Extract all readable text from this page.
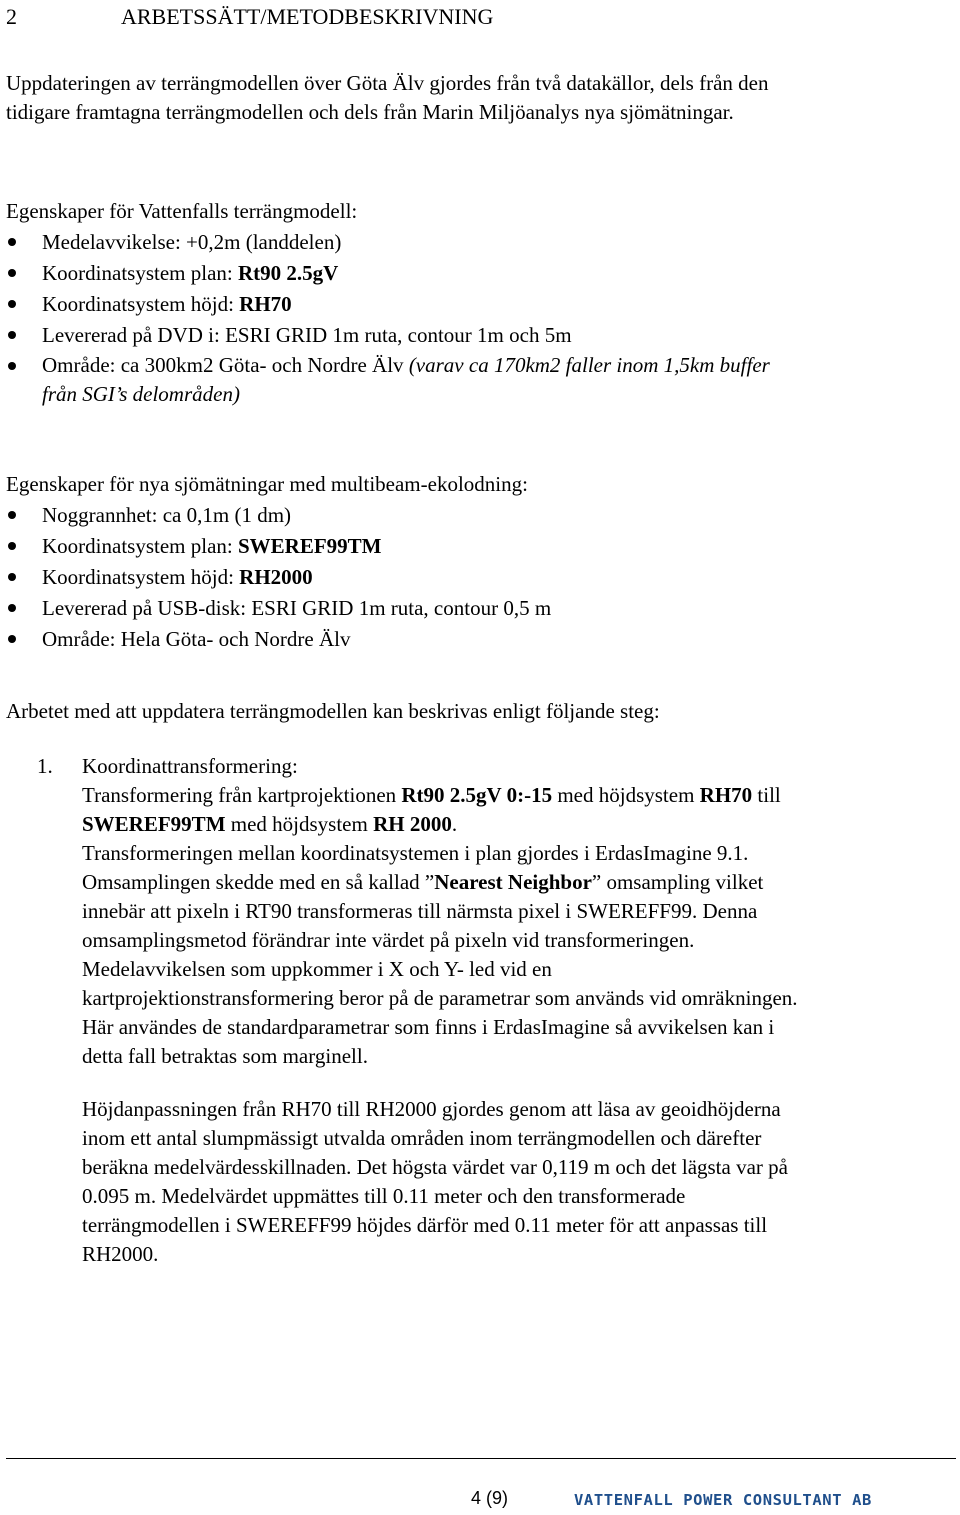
2	ARBETSSÄTT/METODBESKRIVNING
Uppdateringen av terrängmodellen över Göta Älv gjordes från två datakällor, dels från den
tidigare framtagna terrängmodellen och dels från Marin Miljöanalys nya sjömätningar.
Egenskaper för Vattenfalls terrängmodell:
Medelavvikelse: +0,2m (landdelen)
Koordinatsystem plan: Rt90 2.5gV
Koordinatsystem höjd: RH70
Levererad på DVD i: ESRI GRID 1m ruta, contour 1m och 5m
Område: ca 300km2 Göta- och Nordre Älv (varav ca 170km2 faller inom 1,5km buffer
från SGI’s delområden)
Egenskaper för nya sjömätningar med multibeam-ekolodning:
Noggrannhet: ca 0,1m (1 dm)
Koordinatsystem plan: SWEREF99TM
Koordinatsystem höjd: RH2000
Levererad på USB-disk: ESRI GRID 1m ruta, contour 0,5 m
Område: Hela Göta- och Nordre Älv
Arbetet med att uppdatera terrängmodellen kan beskrivas enligt följande steg:
1. Koordinattransformering:

Transformering från kartprojektionen Rt90 2.5gV 0:-15 med höjdsystem RH70 till

SWEREF99TM med höjdsystem RH 2000.

Transformeringen mellan koordinatsystemen i plan gjordes i ErdasImagine 9.1.

Omsamplingen skedde med en så kallad ”Nearest Neighbor” omsampling vilket

innebär att pixeln i RT90 transformeras till närmsta pixel i SWEREFF99. Denna

omsamplingsmetod förändrar inte värdet på pixeln vid transformeringen.

Medelavvikelsen som uppkommer i X och Y- led vid en

kartprojektionstransformering beror på de parametrar som används vid omräkningen.

Här användes de standardparametrar som finns i ErdasImagine så avvikelsen kan i

detta fall betraktas som marginell.

Höjdanpassningen från RH70 till RH2000 gjordes genom att läsa av geoidhöjderna

inom ett antal slumpmässigt utvalda områden inom terrängmodellen och därefter

beräkna medelvärdesskillnaden. Det högsta värdet var 0,119 m och det lägsta var på

0.095 m. Medelvärdet uppmättes till 0.11 meter och den transformerade

terrängmodellen i SWEREFF99 höjdes därför med 0.11 meter för att anpassas till

RH2000.

4 (9)	VATTENFALL POWER CONSULTANT AB
